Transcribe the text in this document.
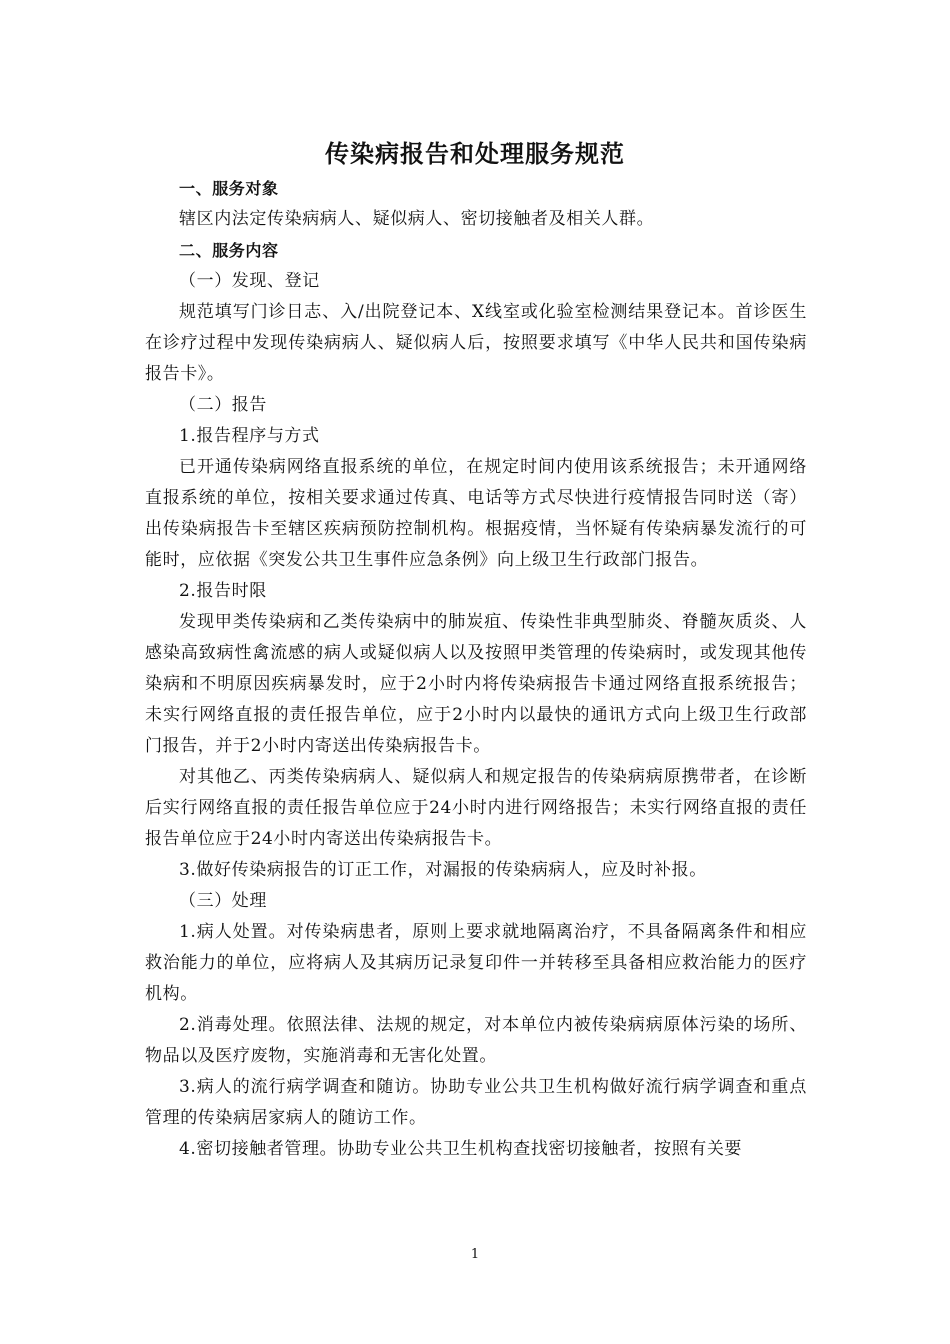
传染病报告和处理服务规范

一、服务对象

辖区内法定传染病病人、疑似病人、密切接触者及相关人群。

二、服务内容

（一）发现、登记

规范填写门诊日志、入/出院登记本、X线室或化验室检测结果登记本。首诊医生在诊疗过程中发现传染病病人、疑似病人后，按照要求填写《中华人民共和国传染病报告卡》。

（二）报告

1.报告程序与方式

已开通传染病网络直报系统的单位，在规定时间内使用该系统报告；未开通网络直报系统的单位，按相关要求通过传真、电话等方式尽快进行疫情报告同时送（寄）出传染病报告卡至辖区疾病预防控制机构。根据疫情，当怀疑有传染病暴发流行的可能时，应依据《突发公共卫生事件应急条例》向上级卫生行政部门报告。

2.报告时限

发现甲类传染病和乙类传染病中的肺炭疽、传染性非典型肺炎、脊髓灰质炎、人感染高致病性禽流感的病人或疑似病人以及按照甲类管理的传染病时，或发现其他传染病和不明原因疾病暴发时，应于2小时内将传染病报告卡通过网络直报系统报告；未实行网络直报的责任报告单位，应于2小时内以最快的通讯方式向上级卫生行政部门报告，并于2小时内寄送出传染病报告卡。

对其他乙、丙类传染病病人、疑似病人和规定报告的传染病病原携带者，在诊断后实行网络直报的责任报告单位应于24小时内进行网络报告；未实行网络直报的责任报告单位应于24小时内寄送出传染病报告卡。

3.做好传染病报告的订正工作，对漏报的传染病病人，应及时补报。

（三）处理

1.病人处置。对传染病患者，原则上要求就地隔离治疗，不具备隔离条件和相应救治能力的单位，应将病人及其病历记录复印件一并转移至具备相应救治能力的医疗机构。

2.消毒处理。依照法律、法规的规定，对本单位内被传染病病原体污染的场所、物品以及医疗废物，实施消毒和无害化处置。

3.病人的流行病学调查和随访。协助专业公共卫生机构做好流行病学调查和重点管理的传染病居家病人的随访工作。

4.密切接触者管理。协助专业公共卫生机构查找密切接触者，按照有关要

1
